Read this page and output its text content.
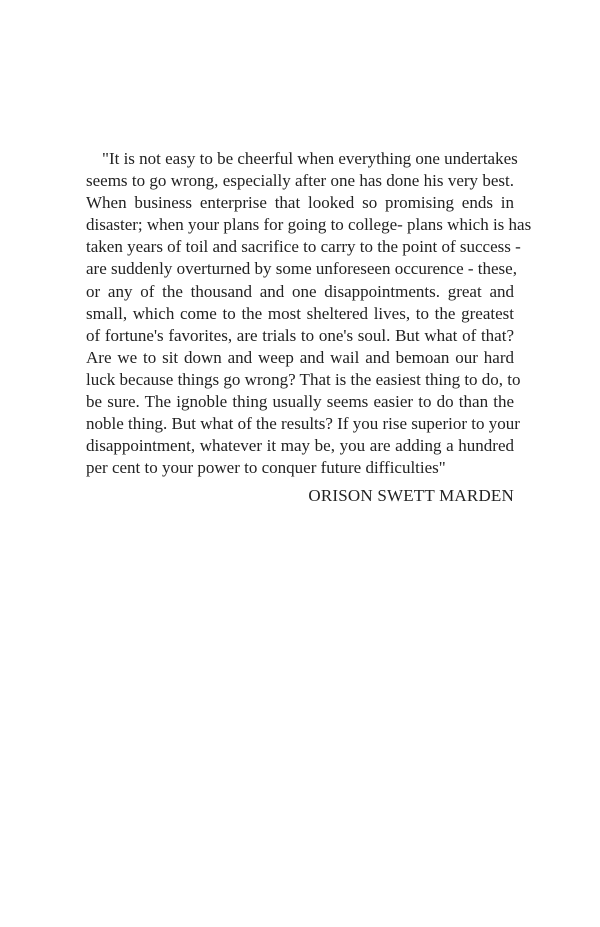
"It is not easy to be cheerful when everything one undertakes
seems to go wrong, especially after one has done his very best.
When business enterprise that looked so promising ends in
disaster; when your plans for going to college- plans which is has
taken years of toil and sacrifice to carry to the point of success -
are suddenly overturned by some unforeseen occurence - these,
or any of the thousand and one disappointments. great and
small, which come to the most sheltered lives, to the greatest
of fortune's favorites, are trials to one's soul. But what of that?
Are we to sit down and weep and wail and bemoan our hard
luck because things go wrong? That is the easiest thing to do, to
be sure. The ignoble thing usually seems easier to do than the
noble thing. But what of the results? If you rise superior to your
disappointment, whatever it may be, you are adding a hundred
per cent to your power to conquer future difficulties"
ORISON SWETT MARDEN
